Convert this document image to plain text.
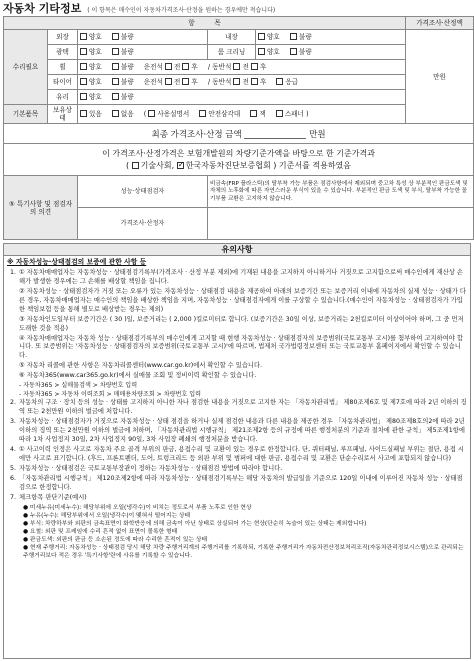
자동차 기타정보 ( 이 항목은 매수인이 자동차가격조사·산정을 원하는 경우에만 적습니다)
항　　　목					가격조사·산정액
수리필요	외장	양호 불량	내장	양호 불량	만원
	광택	양호 불량	룸 크리닝	양호 불량	
	휠	양호 불량 운전석 전 후 / 동반석 전 후			
	타이어	양호 불량 운전석 전 후 / 동반석 전 후 응급			
	유리	양호 불량			
기본품목	보유상태	있음 없음 ( 사용설명서 안전삼각대 잭 스패너 )			
최종 가격조사·산정 금액 만원					

이 가격조사·산정가격은 보험개발원의 차량기준가액을 바탕으로 한 기준가격과
( 기술사회, ✓ 한국자동차진단보증협회 ) 기준서를 적용하였음

⑤ 특기사항 및 점검자의 의견		성능·상태점검자	비금속(FRP 플라스틱)의 탈부착 가능 부품은 점검사항에서 제외되며 중고차 특성 상 부분적인 판금도색 및 자체의 노후화에 따른 자연스러운 부식이 있을 수 있습니다. 부분적인 판금 도색 및 부식, 탈부착 가능한 꼴기부품 교환은 고지하지 않습니다.		
		가격조사·산정자			
유의사항
※ 자동차성능·상태점검의 보증에 관한 사항 등
1. ① 자동차매매업자는 자동차성능 · 상태점검기록부(가격조사 · 산정 부분 제외)에 기재된 내용을 고지하지 아니하거나 거짓으로 고지함으로써 매수인에게 재산상 손해가 발생한 경우에는 그 손해를 배상할 책임을 집니다.
② 자동차성능 · 상태점검자가 거짓 또는 오류가 있는 자동차성능 · 상태점검 내용을 제공하여 아래의 보증기간 또는 보증거리 이내에 자동차의 실제 성능 · 상태가 다른 경우, 자동차매매업자는 매수인의 책임을 배상한 책임을 지며, 자동차성능 · 상태점검자에게 이를 구상할 수 있습니다.(매수인이 자동차성능 · 상태점검자가 가입한 책임보험 등을 통해 별도로 배상받는 경우는 제외)
③ 자동차인도일부터 보증기간은 ( 30 )일, 보증거리는 ( 2,000 )킬로미터로 합니다. (보증기간은 30일 이상, 보증거리는 2천킬로미터 이상이어야 하며, 그 중 먼저 도래한 것을 적용)
④ 자동차매매업자는 자동차 성능 · 상태점검기록부의 매수인에게 고지할 때 현행 자동차성능 · 상태점검자의 보증범위(국토교통부 고시)를 첨부하여 고지하여야 합니다. 또 보증범위는 '자동차성능 · 상태점검자의 보증범위(국토교통부 고시)'에 따르며, 법제처 국가법령정보센터 또는 국토교통부 홈페이지에서 확인할 수 있습니다.
⑤ 자동차 리콜에 관한 사항은 자동차리콜센터(www.car.go.kr)에서 확인할 수 있습니다.
⑥ 자동차365(www.car365.go.kr)에서 실매물 조회 및 정비이력 확인할 수 있습니다.
- 자동차365 > 실매물검색 > 차량번호 입력
- 자동차365 > 자동차 이력조회 > 매매용차량조회 > 차량번호 입력
2. 자동차의 구조 · 장치 등의 성능 · 상태를 고지하지 아니한 자나 점검한 내용을 거짓으로 고지한 자는 「자동차관리법」 제80조제6호 및 제7호에 따라 2년 이하의 징역 또는 2천만원 이하의 벌금에 처합니다.
3. 자동차성능 · 상태점검자가 거짓으로 자동차성능 · 상태 점검을 하거나 실제 점검한 내용과 다른 내용을 제공한 경우 「자동차관리법」 제80조제8호의2에 따라 2년 이하의 징역 또는 2천만원 이하의 벌금에 처하며, 「자동차관리법 시행규칙」 제21조제2항 등의 규정에 따른 행정처분의 기준과 절차에 관한 규칙」 제5조제1항에 따라 1차 사업정지 30일, 2차 사업정지 90일, 3차 사업장 폐쇄의 행정처분을 받습니다.
4. ① 사고이력 인정은 사고로 자동차 주요 골격 부위의 판금, 용접수리 및 교환이 있는 경우로 한정합니다. 단, 쿼터패널, 루프패널, 사이드실패널 부위는 절단, 용접 시에만 사고로 표기합니다. (후드, 프론트펜더, 도어, 트렁크리드 등 외판 부위 및 범퍼에 대한 판금, 용접수리 및 교환은 단순수리로서 사고에 포함되지 않습니다)
5. 자동차성능 · 상태점검은 국토교통부장관이 정하는 자동차성능 · 상태점검 방법에 따라야 합니다.
6. 「자동차관리법 시행규칙」 제120조제2항에 따라 자동차성능 · 상태점검기록부는 해당 자동차의 발급일을 기준으로 120일 이내에 이루어진 자동차 성능 · 상태점검으로 한정합니다.
7. 체크항목 판단기준(예시)
● 미세누유(미세누수): 해당부위에 오일(냉각수)이 비치는 정도로서 부품 노후로 인한 현상
● 누유(누수): 해당부위에서 오일(냉각수)이 맺혀서 떨어지는 상태
● 부식: 차량하부와 외판의 금속표면이 화학반응에 의해 금속이 아닌 상태로 상실되어 가는 현상(단순히 녹슬어 있는 상태는 제외합니다)
● 요철: 외판 및 프레임에 수리 흔적 없이 표면이 볼록한 형태
● 판금도색: 외판의 판금 등 소손된 정도에 따라 수리한 흔적이 있는 상태
● 현재 주행거리: 자동차성능 · 상태점검 당시 해당 차량 주행거리계의 주행거리를 기록하되, 기록한 주행거리가 자동차전산정보처리조직(자동차관리정보시스템)으로 관리되는 주행거리보다 적은 경우 '특기사항'란에 사유를 기록할 수 있습니다.
